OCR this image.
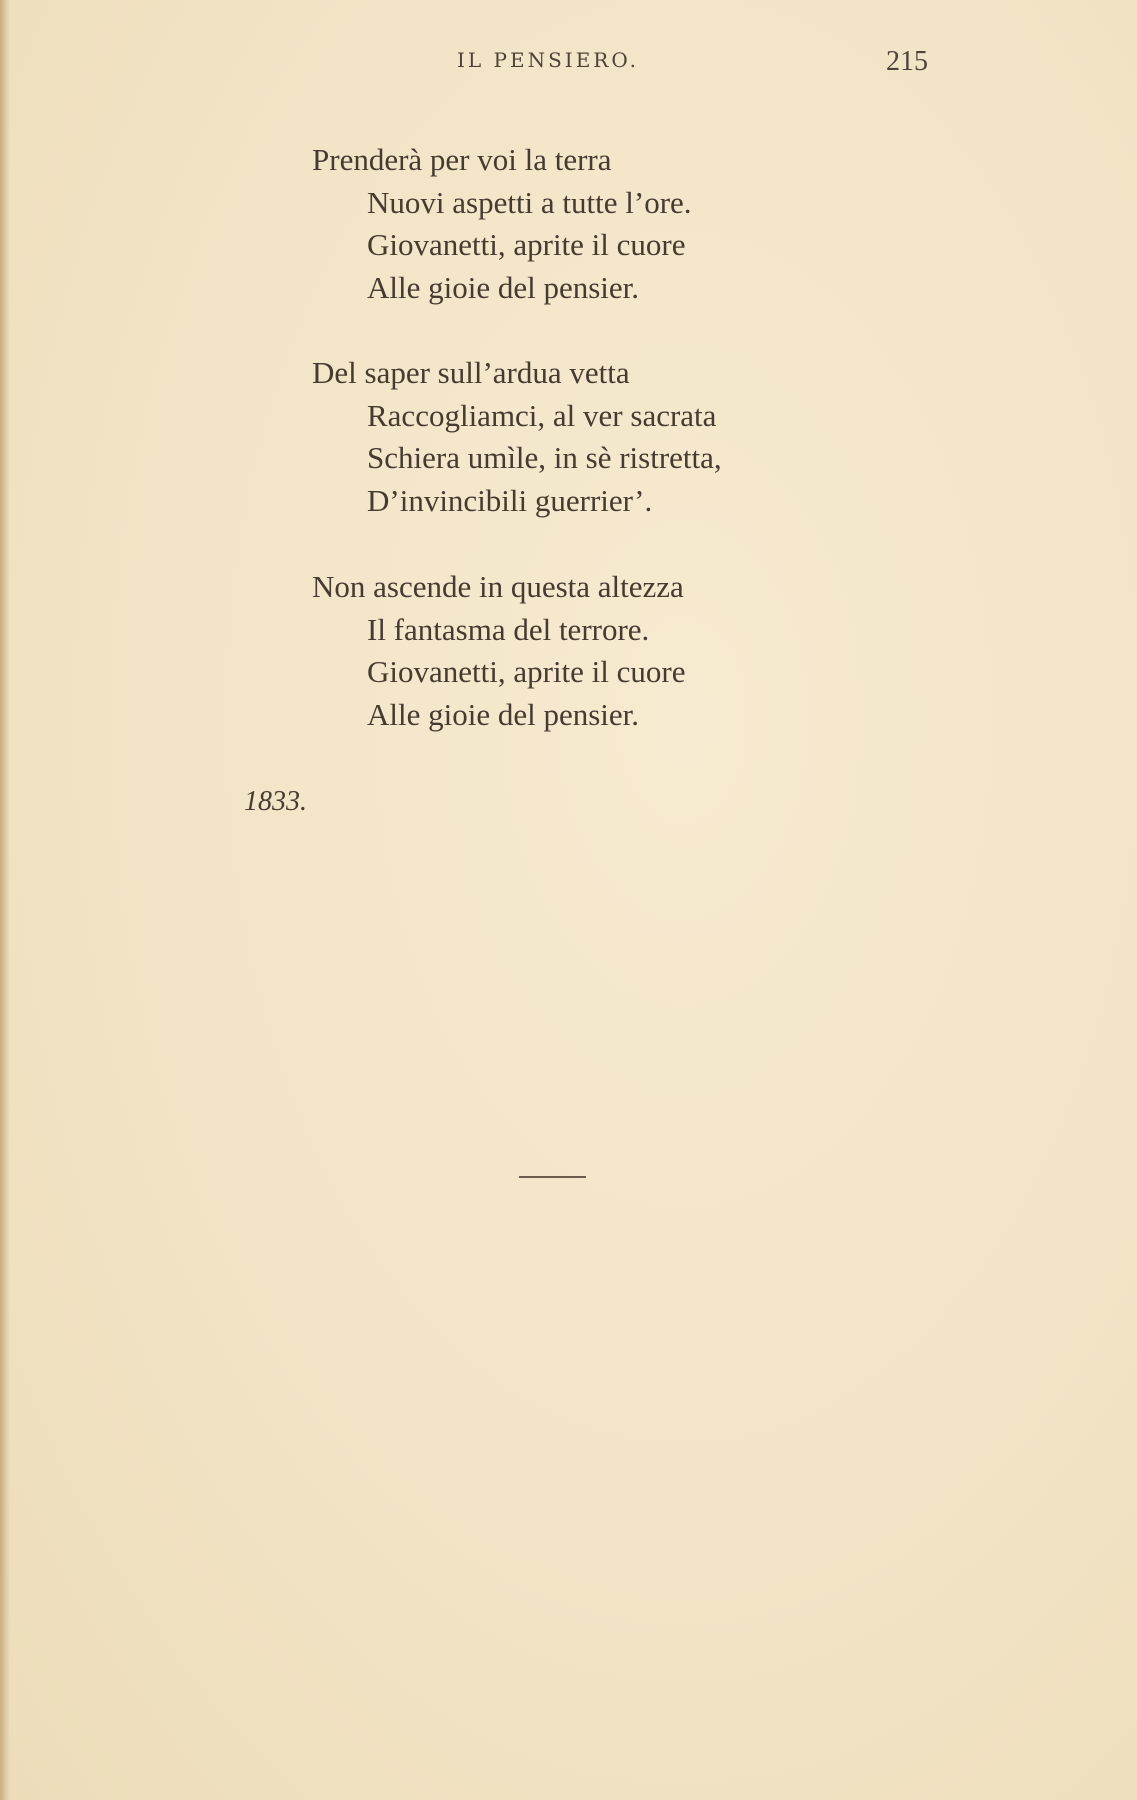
IL PENSIERO.	215
Prenderà per voi la terra
Nuovi aspetti a tutte l’ore.
Giovanetti, aprite il cuore
Alle gioie del pensier.
Del saper sull’ardua vetta
Raccogliamci, al ver sacrata
Schiera umìle, in sè ristretta,
D’invincibili guerrier’.
Non ascende in questa altezza
Il fantasma del terrore.
Giovanetti, aprite il cuore
Alle gioie del pensier.
1833.
